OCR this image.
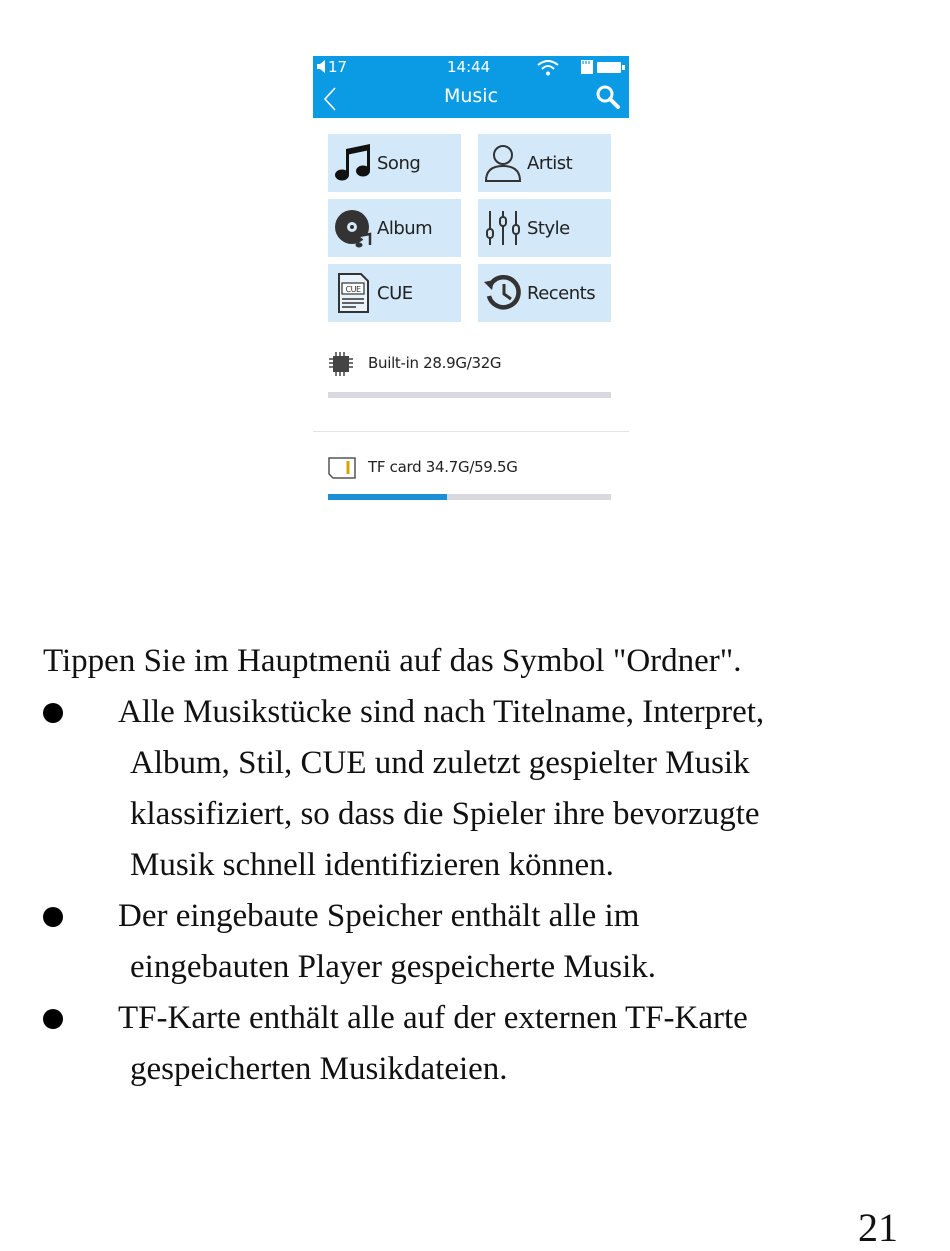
17	14:44
Music
Song	Artist
Album	Style
CUE CUE	Recents
Built-in 28.9G/32G
TF card 34.7G/59.5G
Tippen Sie im Hauptmenü auf das Symbol "Ordner".
Alle Musikstücke sind nach Titelname, Interpret,
Album, Stil, CUE und zuletzt gespielter Musik
klassifiziert, so dass die Spieler ihre bevorzugte
Musik schnell identifizieren können.
Der eingebaute Speicher enthält alle im
eingebauten Player gespeicherte Musik.
TF-Karte enthält alle auf der externen TF-Karte
gespeicherten Musikdateien.
21
